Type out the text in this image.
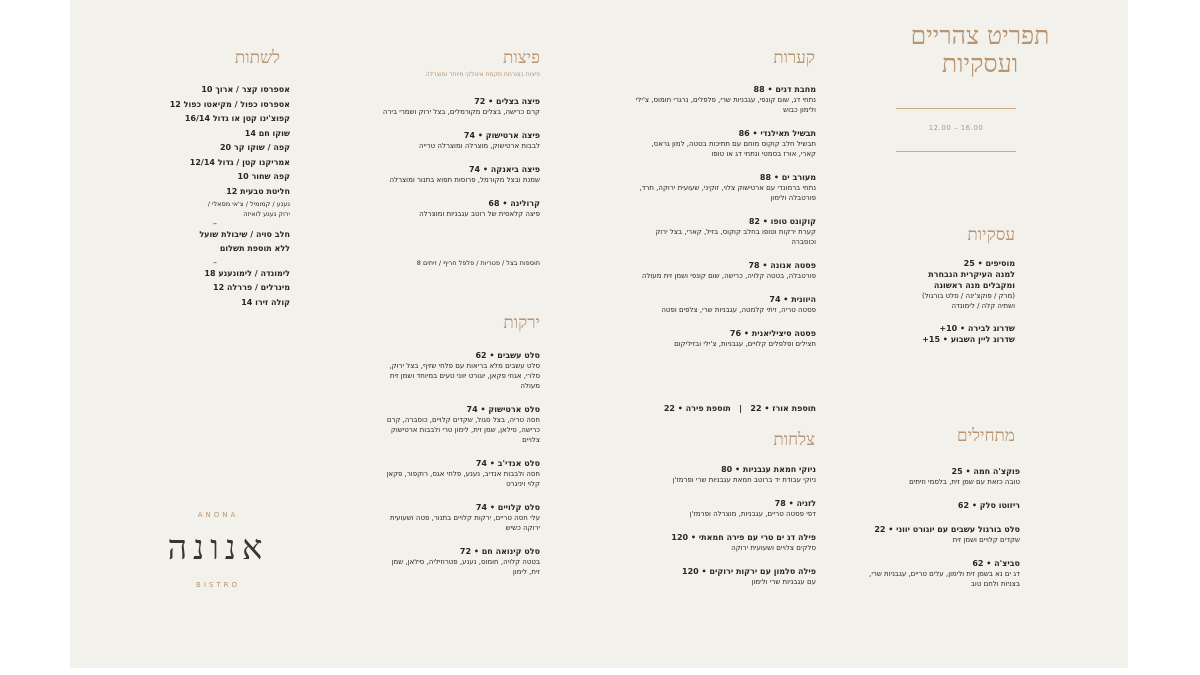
תפריט צהריים
ועסקיות
12.00 – 16.00
עסקיות
מוסיפים • 25
למנה העיקרית הנבחרת
ומקבלים מנה ראשונה
(מרק / פוקצ'ינה / סלט בורגול)
ושתיה קלה / לימונדה
שדרוג לבירה • 10+
שדרוג ליין השבוע • 15+
מתחילים
פוקצ'ה חמה • 25
טובה כזאת עם שמן זית, בלסמי וזיתים
ריזוטו סלק • 62
סלט בורגול עשבים עם יוגורט יווני • 22
שקדים קלויים ושמן זית
סביצ'ה • 62
דג ים נא בשמן זית ולימון, עלים טריים, עגבניות שרי, בצניות ולחם טוב
קערות
מחבת דגים • 88
נתחי דג, שום קונפי, עגבניות שרי, פלפלים, נרגרי חומוס, צ'ילי ולימון כבוש
תבשיל תאילנדי • 86
תבשיל חלב קוקוס מוחם עם תתיכות בטטה, למון גראס, קארי, אורז בסמטי ונתחי דג או טופו
מעורב ים • 88
נתחי ברמונדי עם ארטישוק צלוי, זוקיני, שעועית ירוקה, תרד, פורטבלה ולימון
קוקונט טופו • 82
קערת ירקות וטופו בחלב קוקוס, בזיל, קארי, בצל ירוק וכוסברה
פסטה אנונה • 78
פורטבלה, בטטה קלויה, כרישה, שום קונפי ושמן זית מעולה
היוונית • 74
פסטה טריה, זיתי קלמטה, עגבניות שרי, צלפים ופטה
פסטה סיציליאנית • 76
חצילים ופלפלים קלויים, עגבניות, צ'ילי ובזיליקום
תוספת אורז • 22   |   תוספת פירה • 22
צלחות
ניוקי חמאת עגבניות • 80
ניוקי עבודת יד ברוטב חמאת עגבניות שרי ופרמז'ן
לזניה • 78
דפי פסטה טריים, עגבניות, מוצרלה ופרמז'ן
פילה דג ים טרי עם פירה חמאתי • 120
סלקים צלויים ושעועית ירוקה
פילה סלמון עם ירקות ירוקים • 120
עם עגבניות שרי ולימון
פיצות
פיצות בצורנות מקמח איטלקי מיוחד ומוצרלה
פיצה בצלים • 72
קרם כרישה, בצלים מקורמלים, בצל ירוק ושמרי בירה
פיצה ארטישוק • 74
לבבות ארטישוק, מוצרלה ומוצרלה טרייה
פיצה ביאנקה • 74
שמנת ובצל מקורמל, פרוסות תפוא בתנור ומוצרלה
קרולינה • 68
פיצה קלאסית של רוטב עגבניות ומוצרלה
תוספות בצל / פטריות / פלפל חריף / זיתים 8
ירקות
סלט עשבים • 62
סלט עשבים מלא בריאות עם פלחי שזיף, בצל ירוק, סלרי, אגוזי פקאן, יוגורט יווני טעים במיוחד ושמן זית מעולה
סלט ארטישוק • 74
חסה טריה, בצל סגול, שקדים קלויים, כוסברה, קרם כרישה, סילאן, שמן זית, לימון טרי ולבבות ארטישוק צלויים
סלט אנדי'ב • 74
חסה ולבבות אנדיב, נענע, פלחי אגס, רוקפור, פקאן קלוי ויניגרט
סלט קלויים • 74
עלי חסה טריים, ירקות קלויים בתנור, פטה ושעועית ירוקה כשיש
סלט קינואה חם • 72
בטטה קלויה, חומוס, נענע, פטרוזיליה, סילאן, שמן זית, לימון
לשתות
אספרסו קצר / ארוך 10
אספרסו כפול / מקיאטו כפול 12
קפוצ'ינו קטן או גדול 16/14
שוקו חם 14
קפה / שוקו קר 20
אמריקנו קטן / גדול 12/14
קפה שחור 10
חליטת טבעית 12
נענע / קמומיל / צ'אי מסאלי /
ירוק נענע לואיזה
–
חלב סויה / שיבולת שועל
ללא תוספת תשלום
–
לימונדה / לימונענע 18
מינרלים / פררלה 12
קולה זירו 14
ANONA
אנונה
BISTRO
